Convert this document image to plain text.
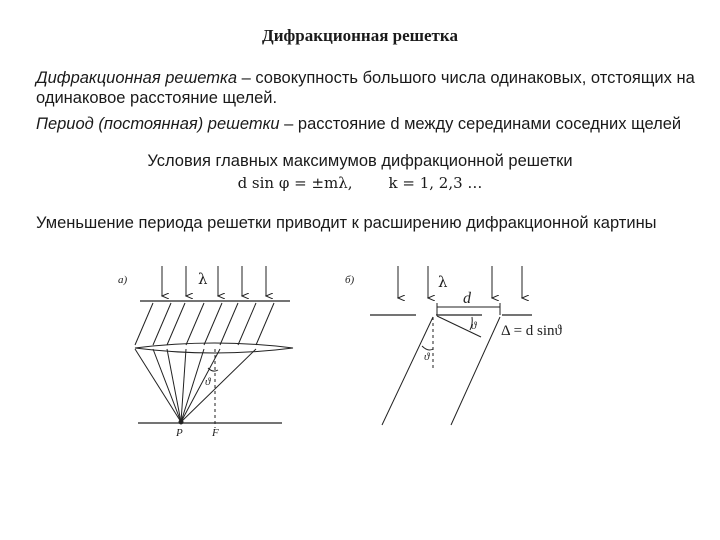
Дифракционная решетка
Дифракционная решетка – совокупность большого числа одинаковых, отстоящих на одинаковое расстояние щелей.
Период (постоянная) решетки – расстояние d между серединами соседних щелей
Условия главных максимумов дифракционной решетки
d sin φ = ±mλ, k = 1, 2,3 …
Уменьшение периода решетки приводит к расширению дифракционной картины
а)	λ
ϑ
P	F
б)	λ
d
ϑ
ϑ
Δ = d sinϑ
